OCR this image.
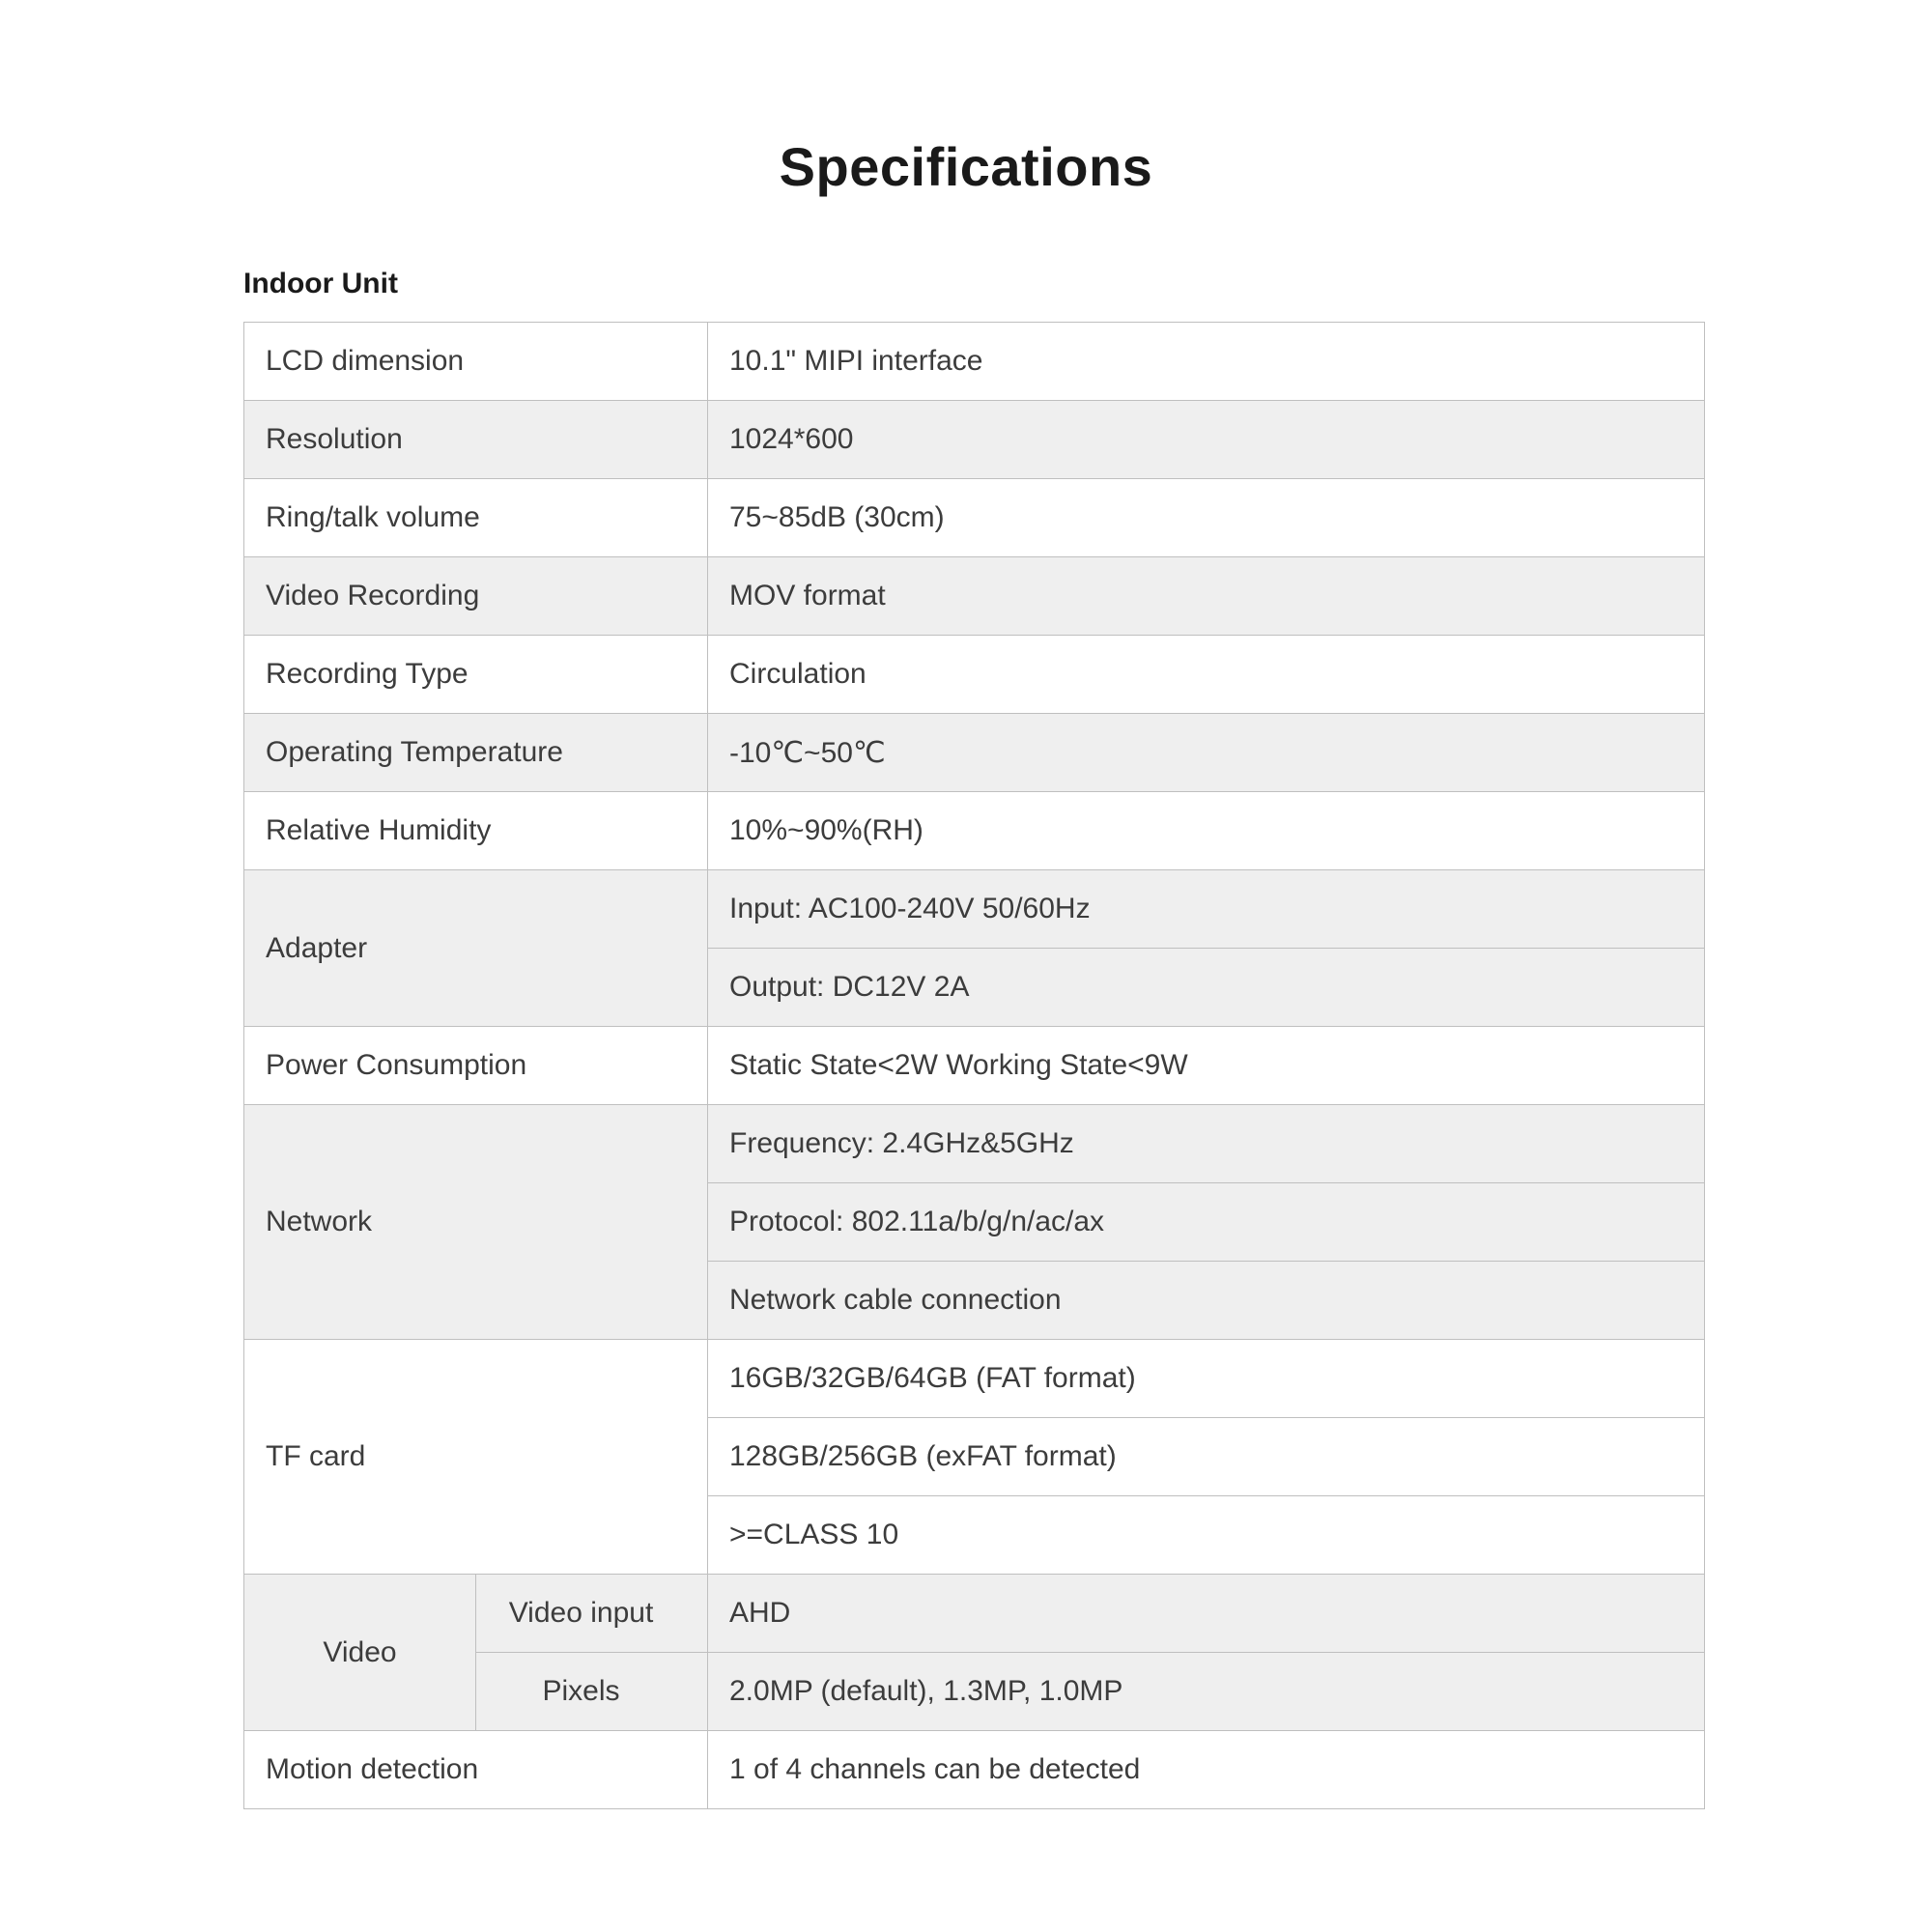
Specifications
Indoor Unit
LCD dimension		10.1" MIPI interface
Resolution		1024*600
Ring/talk volume		75~85dB (30cm)
Video Recording		MOV format
Recording Type		Circulation
Operating Temperature		-10℃~50℃
Relative Humidity		10%~90%(RH)
Adapter		Input: AC100-240V 50/60Hz
		Output: DC12V 2A
Power Consumption		Static State<2W Working State<9W
Network		Frequency: 2.4GHz&5GHz
		Protocol: 802.11a/b/g/n/ac/ax
		Network cable connection
TF card		16GB/32GB/64GB (FAT format)
		128GB/256GB (exFAT format)
		>=CLASS 10
Video	Video input	AHD
	Pixels	2.0MP (default), 1.3MP, 1.0MP
Motion detection		1 of 4 channels can be detected
